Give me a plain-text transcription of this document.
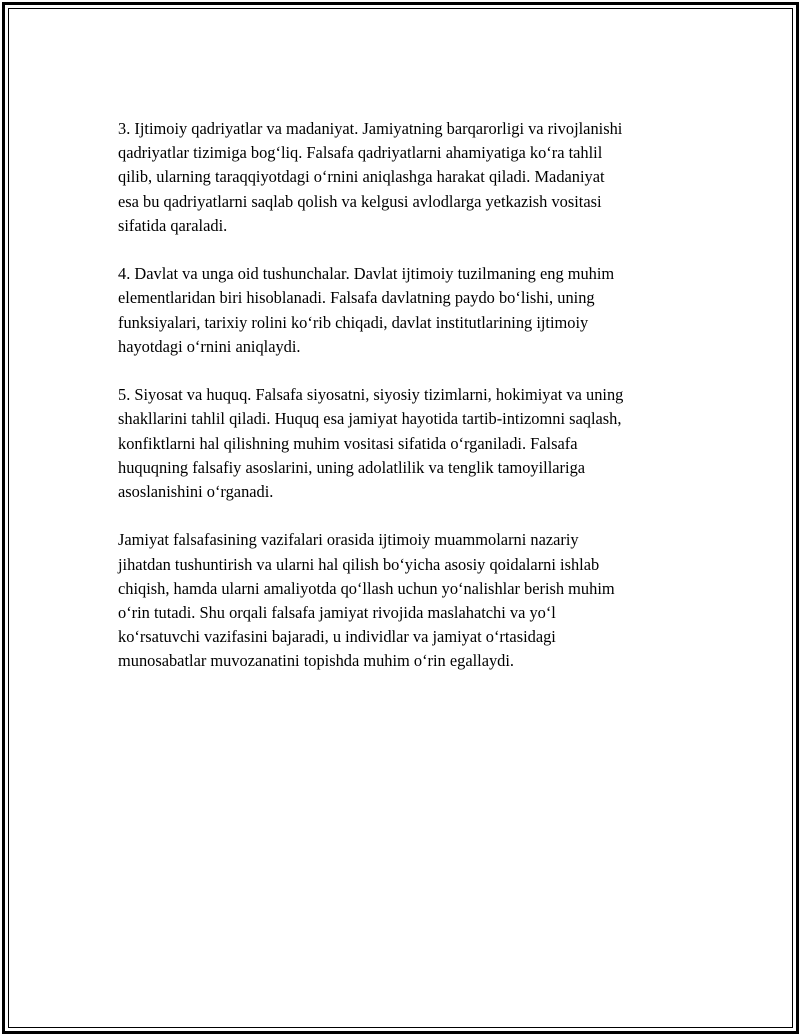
3. Ijtimoiy qadriyatlar va madaniyat. Jamiyatning barqarorligi va rivojlanishi
qadriyatlar tizimiga bog‘liq. Falsafa qadriyatlarni ahamiyatiga ko‘ra tahlil
qilib, ularning taraqqiyotdagi o‘rnini aniqlashga harakat qiladi. Madaniyat
esa bu qadriyatlarni saqlab qolish va kelgusi avlodlarga yetkazish vositasi
sifatida qaraladi.

4. Davlat va unga oid tushunchalar. Davlat ijtimoiy tuzilmaning eng muhim
elementlaridan biri hisoblanadi. Falsafa davlatning paydo bo‘lishi, uning
funksiyalari, tarixiy rolini ko‘rib chiqadi, davlat institutlarining ijtimoiy
hayotdagi o‘rnini aniqlaydi.

5. Siyosat va huquq. Falsafa siyosatni, siyosiy tizimlarni, hokimiyat va uning
shakllarini tahlil qiladi. Huquq esa jamiyat hayotida tartib-intizomni saqlash,
konfiktlarni hal qilishning muhim vositasi sifatida o‘rganiladi. Falsafa
huquqning falsafiy asoslarini, uning adolatlilik va tenglik tamoyillariga
asoslanishini o‘rganadi.

Jamiyat falsafasining vazifalari orasida ijtimoiy muammolarni nazariy
jihatdan tushuntirish va ularni hal qilish bo‘yicha asosiy qoidalarni ishlab
chiqish, hamda ularni amaliyotda qo‘llash uchun yo‘nalishlar berish muhim
o‘rin tutadi. Shu orqali falsafa jamiyat rivojida maslahatchi va yo‘l
ko‘rsatuvchi vazifasini bajaradi, u individlar va jamiyat o‘rtasidagi
munosabatlar muvozanatini topishda muhim o‘rin egallaydi.
